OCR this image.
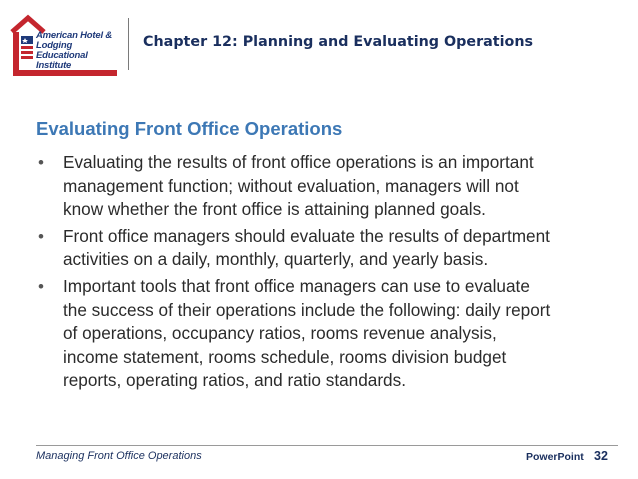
American Hotel & Lodging Educational Institute
Chapter 12: Planning and Evaluating Operations
Evaluating Front Office Operations
• Evaluating the results of front office operations is an important
management function; without evaluation, managers will not
know whether the front office is attaining planned goals.
• Front office managers should evaluate the results of department
activities on a daily, monthly, quarterly, and yearly basis.
• Important tools that front office managers can use to evaluate
the success of their operations include the following: daily report
of operations, occupancy ratios, rooms revenue analysis,
income statement, rooms schedule, rooms division budget
reports, operating ratios, and ratio standards.
Managing Front Office Operations	PowerPoint 32
